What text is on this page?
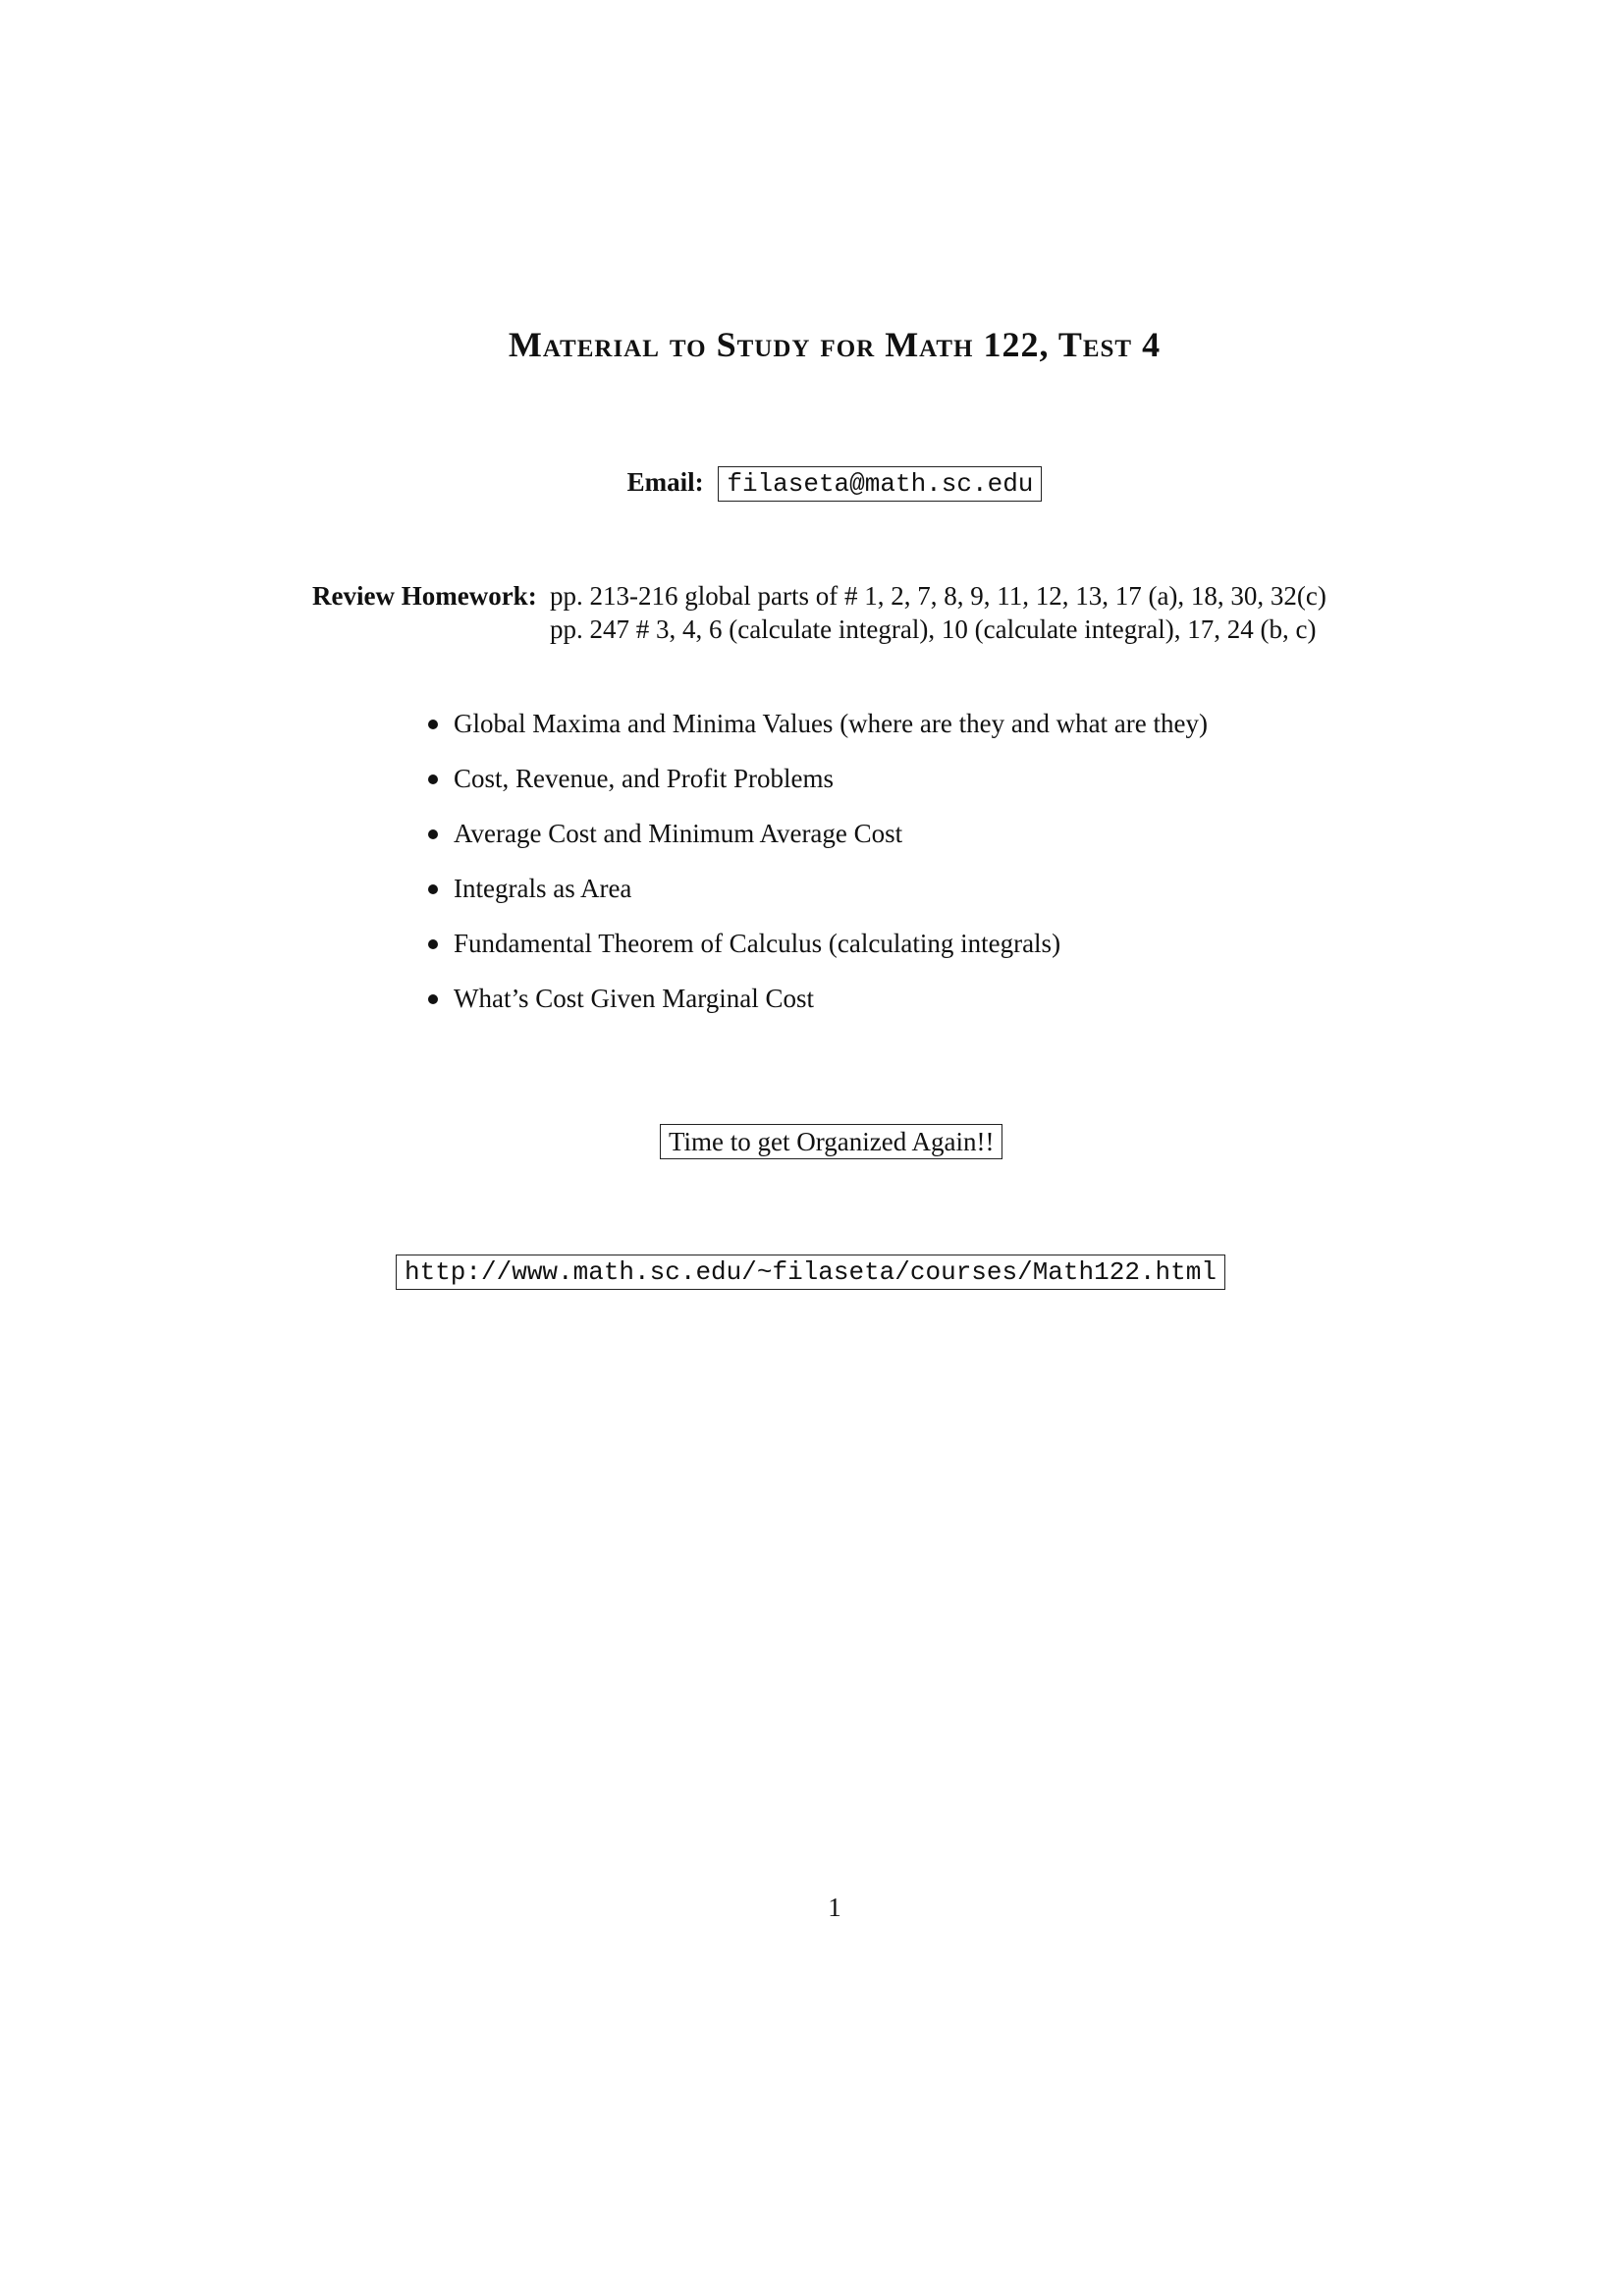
Material to Study for Math 122, Test 4
Email: filaseta@math.sc.edu
Review Homework: pp. 213-216 global parts of # 1, 2, 7, 8, 9, 11, 12, 13, 17 (a), 18, 30, 32(c)
pp. 247 # 3, 4, 6 (calculate integral), 10 (calculate integral), 17, 24 (b, c)
Global Maxima and Minima Values (where are they and what are they)
Cost, Revenue, and Profit Problems
Average Cost and Minimum Average Cost
Integrals as Area
Fundamental Theorem of Calculus (calculating integrals)
What’s Cost Given Marginal Cost
Time to get Organized Again!!
http://www.math.sc.edu/~filaseta/courses/Math122.html
1
